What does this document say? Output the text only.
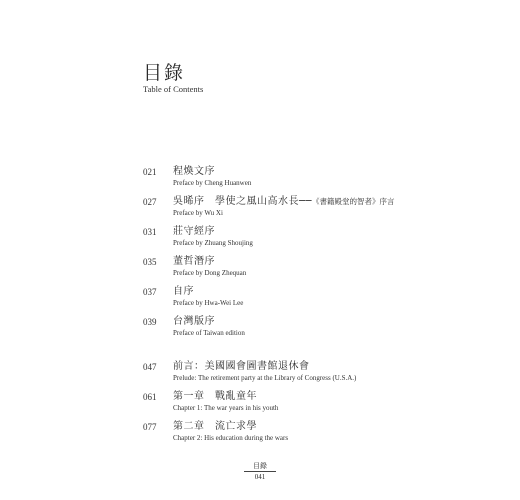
目錄

Table of Contents

021 程煥文序
Preface by Cheng Huanwen
027 吳晞序　學使之風山高水長──《書籍殿堂的智者》序言
Preface by Wu Xi
031 莊守經序
Preface by Zhuang Shoujing
035 董哲潛序
Preface by Dong Zhequan
037 自序
Preface by Hwa-Wei Lee
039 台灣版序
Preface of Taiwan edition
047 前言：美國國會圖書館退休會
Prelude: The retirement party at the Library of Congress (U.S.A.)
061 第一章　戰亂童年
Chapter 1: The war years in his youth
077 第二章　流亡求學
Chapter 2: His education during the wars
目錄
041
